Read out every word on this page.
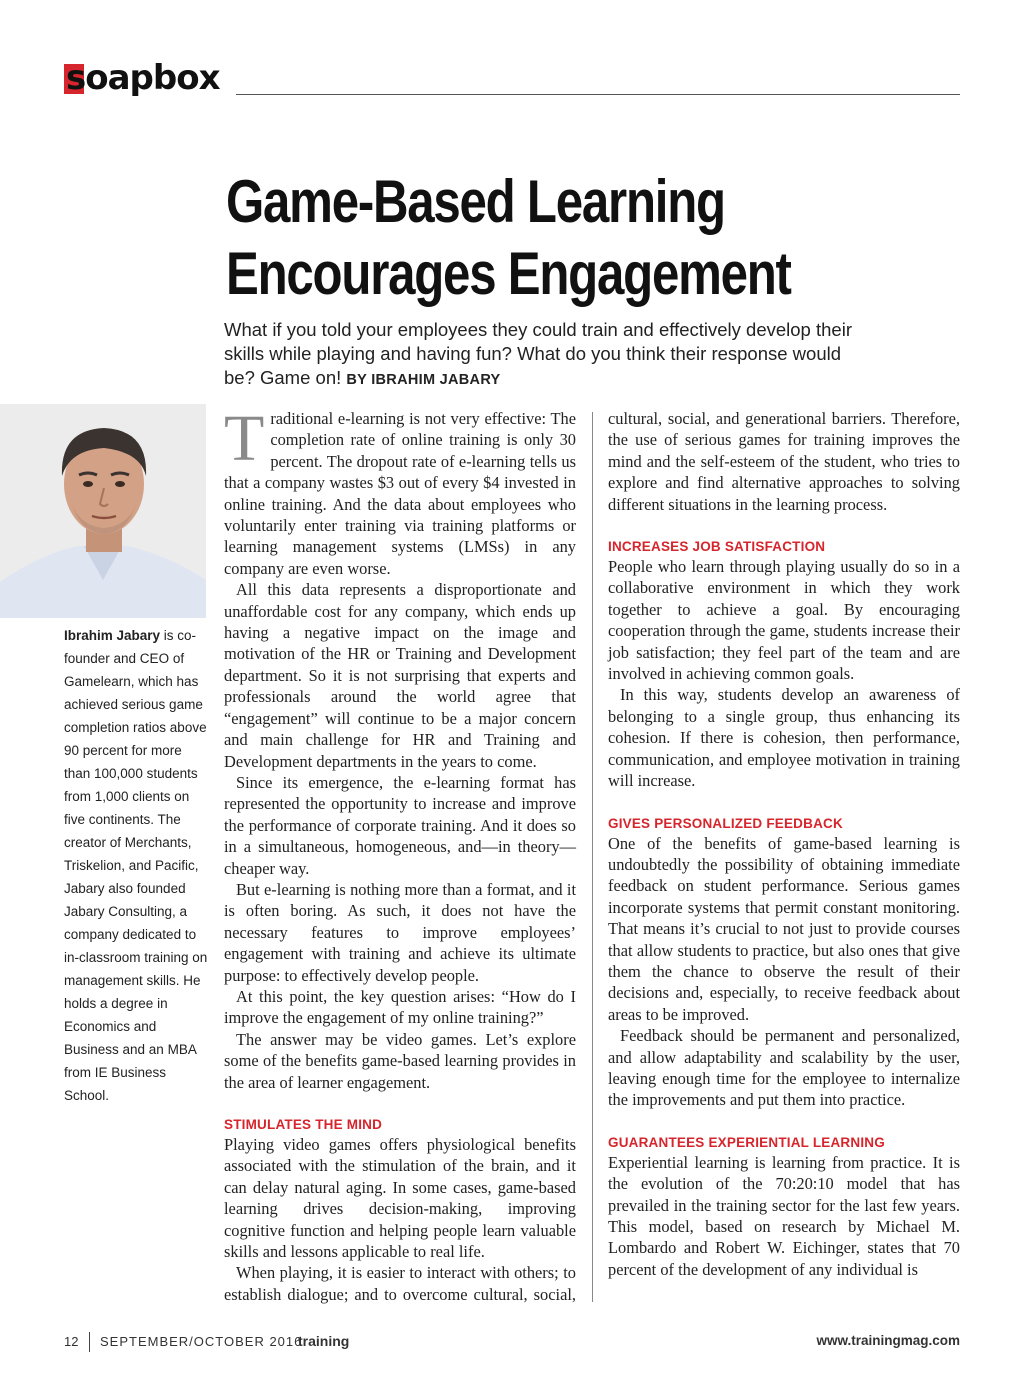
soapbox
Game-Based Learning
Encourages Engagement

What if you told your employees they could train and effectively develop their skills while playing and having fun? What do you think their response would be? Game on! BY IBRAHIM JABARY

Ibrahim Jabary is co-founder and CEO of Gamelearn, which has achieved serious game completion ratios above 90 percent for more than 100,000 students from 1,000 clients on five continents. The creator of Merchants, Triskelion, and Pacific, Jabary also founded Jabary Consulting, a company dedicated to in-classroom training on management skills. He holds a degree in Economics and Business and an MBA from IE Business School.

Traditional e-learning is not very effective: The completion rate of online training is only 30 percent. The dropout rate of e-learning tells us that a company wastes $3 out of every $4 invested in online training. And the data about employees who voluntarily enter training via training platforms or learning management systems (LMSs) in any company are even worse.

All this data represents a disproportionate and unaffordable cost for any company, which ends up having a negative impact on the image and motivation of the HR or Training and Development department. So it is not surprising that experts and professionals around the world agree that “engagement” will continue to be a major concern and main challenge for HR and Training and Development departments in the years to come.

Since its emergence, the e-learning format has represented the opportunity to increase and improve the performance of corporate training. And it does so in a simultaneous, homogeneous, and—in theory—cheaper way.

But e-learning is nothing more than a format, and it is often boring. As such, it does not have the necessary features to improve employees’ engagement with training and achieve its ultimate purpose: to effectively develop people.

At this point, the key question arises: “How do I improve the engagement of my online training?”

The answer may be video games. Let’s explore some of the benefits game-based learning provides in the area of learner engagement.

STIMULATES THE MIND

Playing video games offers physiological benefits associated with the stimulation of the brain, and it can delay natural aging. In some cases, game-based learning drives decision-making, improving cognitive function and helping people learn valuable skills and lessons applicable to real life.

When playing, it is easier to interact with others; to establish dialogue; and to overcome cultural, social,

cultural, social, and generational barriers. Therefore, the use of serious games for training improves the mind and the self-esteem of the student, who tries to explore and find alternative approaches to solving different situations in the learning process.

INCREASES JOB SATISFACTION

People who learn through playing usually do so in a collaborative environment in which they work together to achieve a goal. By encouraging cooperation through the game, students increase their job satisfaction; they feel part of the team and are involved in achieving common goals.

In this way, students develop an awareness of belonging to a single group, thus enhancing its cohesion. If there is cohesion, then performance, communication, and employee motivation in training will increase.

GIVES PERSONALIZED FEEDBACK

One of the benefits of game-based learning is undoubtedly the possibility of obtaining immediate feedback on student performance. Serious games incorporate systems that permit constant monitoring. That means it’s crucial to not just to provide courses that allow students to practice, but also ones that give them the chance to observe the result of their decisions and, especially, to receive feedback about areas to be improved.

Feedback should be permanent and personalized, and allow adaptability and scalability by the user, leaving enough time for the employee to internalize the improvements and put them into practice.

GUARANTEES EXPERIENTIAL LEARNING

Experiential learning is learning from practice. It is the evolution of the 70:20:10 model that has prevailed in the training sector for the last few years. This model, based on research by Michael M. Lombardo and Robert W. Eichinger, states that 70 percent of the development of any individual is

12 SEPTEMBER/OCTOBER 2016
training	www.trainingmag.com
